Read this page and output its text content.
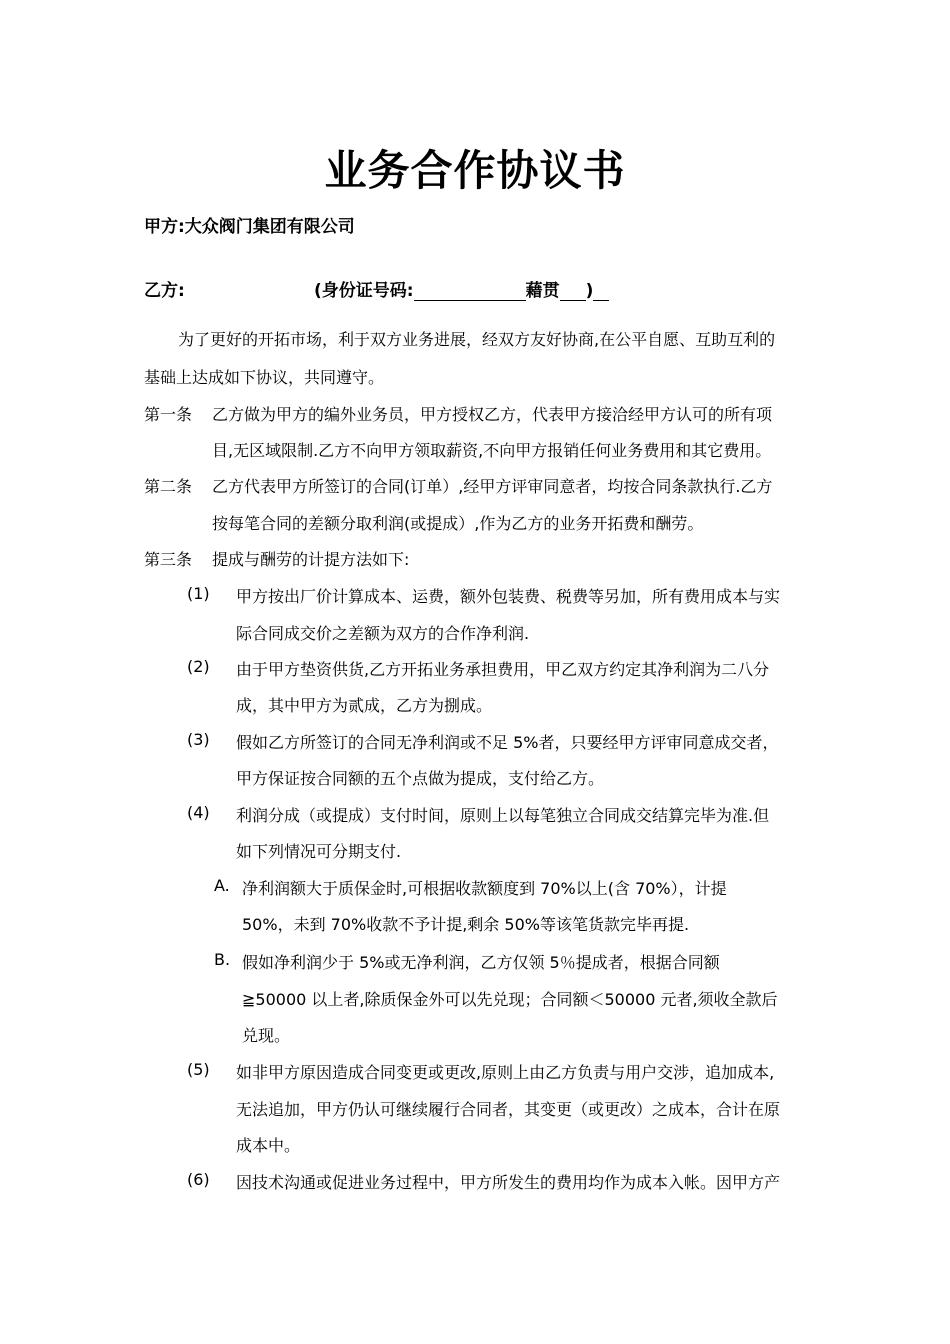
业务合作协议书
甲方:大众阀门集团有限公司
乙方:	(身份证号码:	藉贯 )
为了更好的开拓市场，利于双方业务进展，经双方友好协商,在公平自愿、互助互利的
基础上达成如下协议，共同遵守。
第一条 乙方做为甲方的编外业务员，甲方授权乙方，代表甲方接洽经甲方认可的所有项
目,无区域限制.乙方不向甲方领取薪资,不向甲方报销任何业务费用和其它费用。
第二条 乙方代表甲方所签订的合同(订单）,经甲方评审同意者，均按合同条款执行.乙方
按每笔合同的差额分取利润(或提成）,作为乙方的业务开拓费和酬劳。
第三条 提成与酬劳的计提方法如下:
(1) 甲方按出厂价计算成本、运费，额外包装费、税费等另加，所有费用成本与实
际合同成交价之差额为双方的合作净利润.
(2) 由于甲方垫资供货,乙方开拓业务承担费用，甲乙双方约定其净利润为二八分
成，其中甲方为贰成，乙方为捌成。
(3) 假如乙方所签订的合同无净利润或不足 5%者，只要经甲方评审同意成交者，
甲方保证按合同额的五个点做为提成，支付给乙方。
(4) 利润分成（或提成）支付时间，原则上以每笔独立合同成交结算完毕为准.但
如下列情况可分期支付.
A. 净利润额大于质保金时,可根据收款额度到 70%以上(含 70%），计提
50%，未到 70%收款不予计提,剩余 50%等该笔货款完毕再提.
B. 假如净利润少于 5%或无净利润，乙方仅领 5％提成者，根据合同额
≧50000 以上者,除质保金外可以先兑现；合同额＜50000 元者,须收全款后
兑现。
(5) 如非甲方原因造成合同变更或更改,原则上由乙方负责与用户交涉，追加成本,
无法追加，甲方仍认可继续履行合同者，其变更（或更改）之成本，合计在原
成本中。
(6) 因技术沟通或促进业务过程中，甲方所发生的费用均作为成本入帐。因甲方产
